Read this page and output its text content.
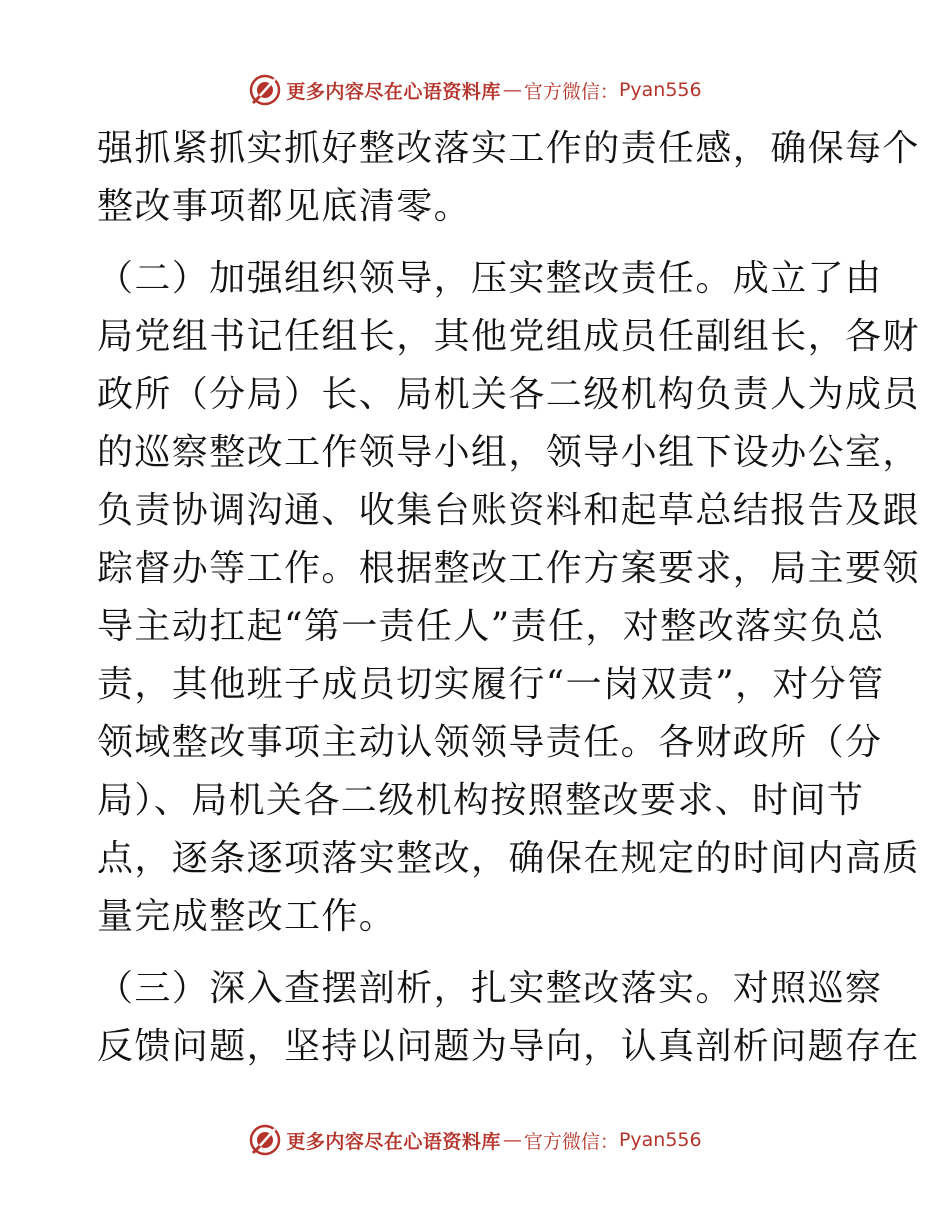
更多内容尽在心语资料库 — 官方微信： Pyan556
强抓紧抓实抓好整改落实工作的责任感，确保每个
整改事项都见底清零。
（二）加强组织领导，压实整改责任。成立了由
局党组书记任组长，其他党组成员任副组长，各财
政所（分局）长、局机关各二级机构负责人为成员
的巡察整改工作领导小组，领导小组下设办公室，
负责协调沟通、收集台账资料和起草总结报告及跟
踪督办等工作。根据整改工作方案要求，局主要领
导主动扛起“第一责任人”责任，对整改落实负总
责，其他班子成员切实履行“一岗双责”，对分管
领域整改事项主动认领领导责任。各财政所（分
局）、局机关各二级机构按照整改要求、时间节
点，逐条逐项落实整改，确保在规定的时间内高质
量完成整改工作。
（三）深入查摆剖析，扎实整改落实。对照巡察
反馈问题，坚持以问题为导向，认真剖析问题存在
更多内容尽在心语资料库 — 官方微信： Pyan556
